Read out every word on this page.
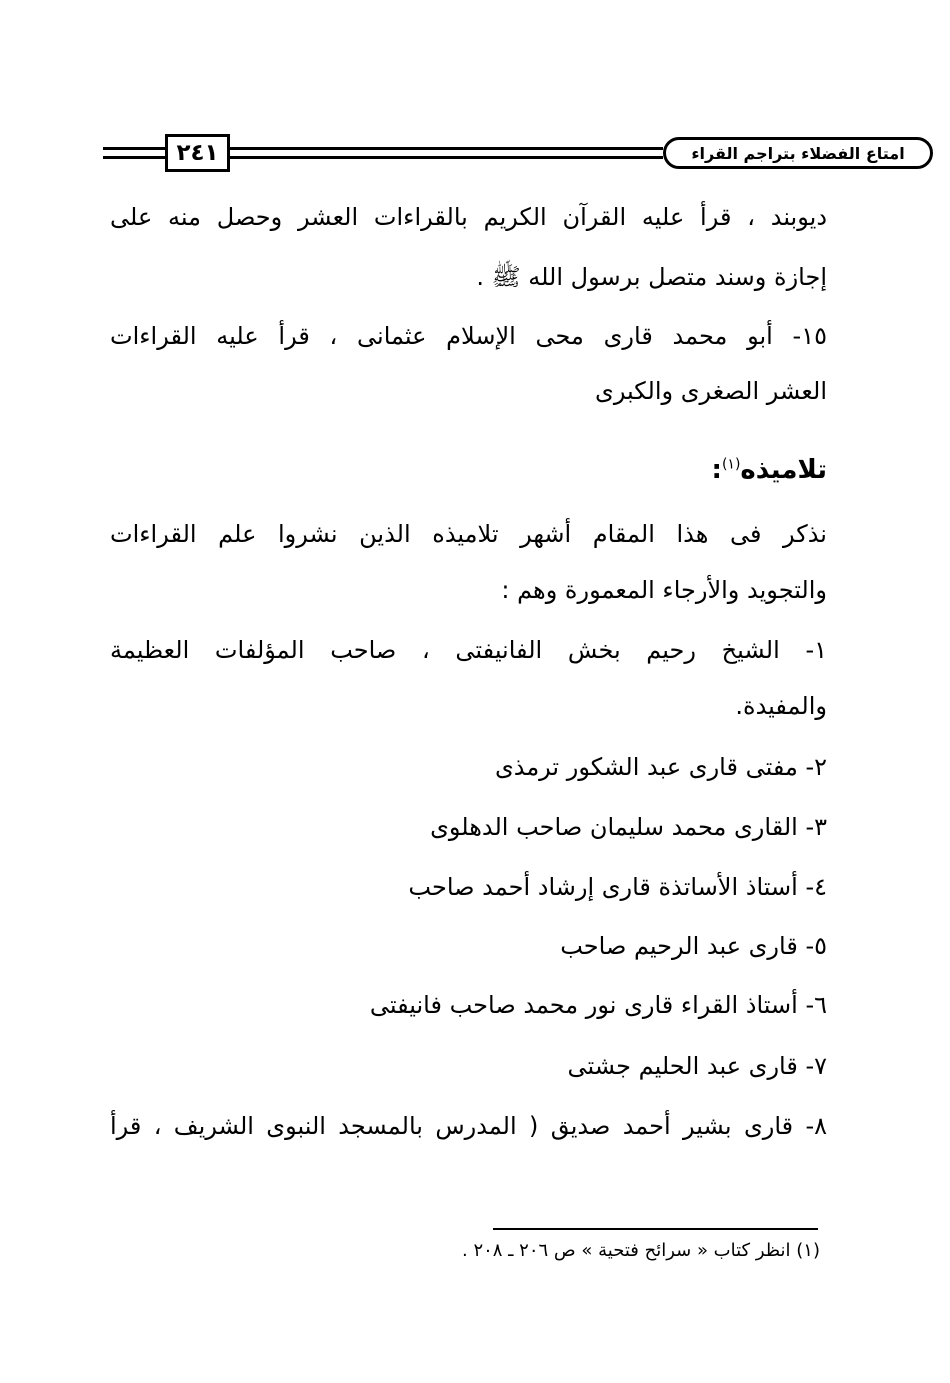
٢٤١	امتاع الفضلاء بتراجم القراء
ديوبند ، قرأ عليه القرآن الكريم بالقراءات العشر وحصل منه على
إجازة وسند متصل برسول الله ﷺ .
١٥- أبو محمد قارى محى الإسلام عثمانى ، قرأ عليه القراءات
العشر الصغرى والكبرى
تلاميذه$^{(١)}$:
نذكر فى هذا المقام أشهر تلاميذه الذين نشروا علم القراءات
والتجويد والأرجاء المعمورة وهم :
١- الشيخ رحيم بخش الفانيفتى ، صاحب المؤلفات العظيمة
والمفيدة.
٢- مفتى قارى عبد الشكور ترمذى
٣- القارى محمد سليمان صاحب الدهلوى
٤- أستاذ الأساتذة قارى إرشاد أحمد صاحب
٥- قارى عبد الرحيم صاحب
٦- أستاذ القراء قارى نور محمد صاحب فانيفتى
٧- قارى عبد الحليم جشتى
٨- قارى بشير أحمد صديق ( المدرس بالمسجد النبوى الشريف ، قرأ
(١) انظر كتاب « سرائح فتحية » ص ٢٠٦ ـ ٢٠٨ .
